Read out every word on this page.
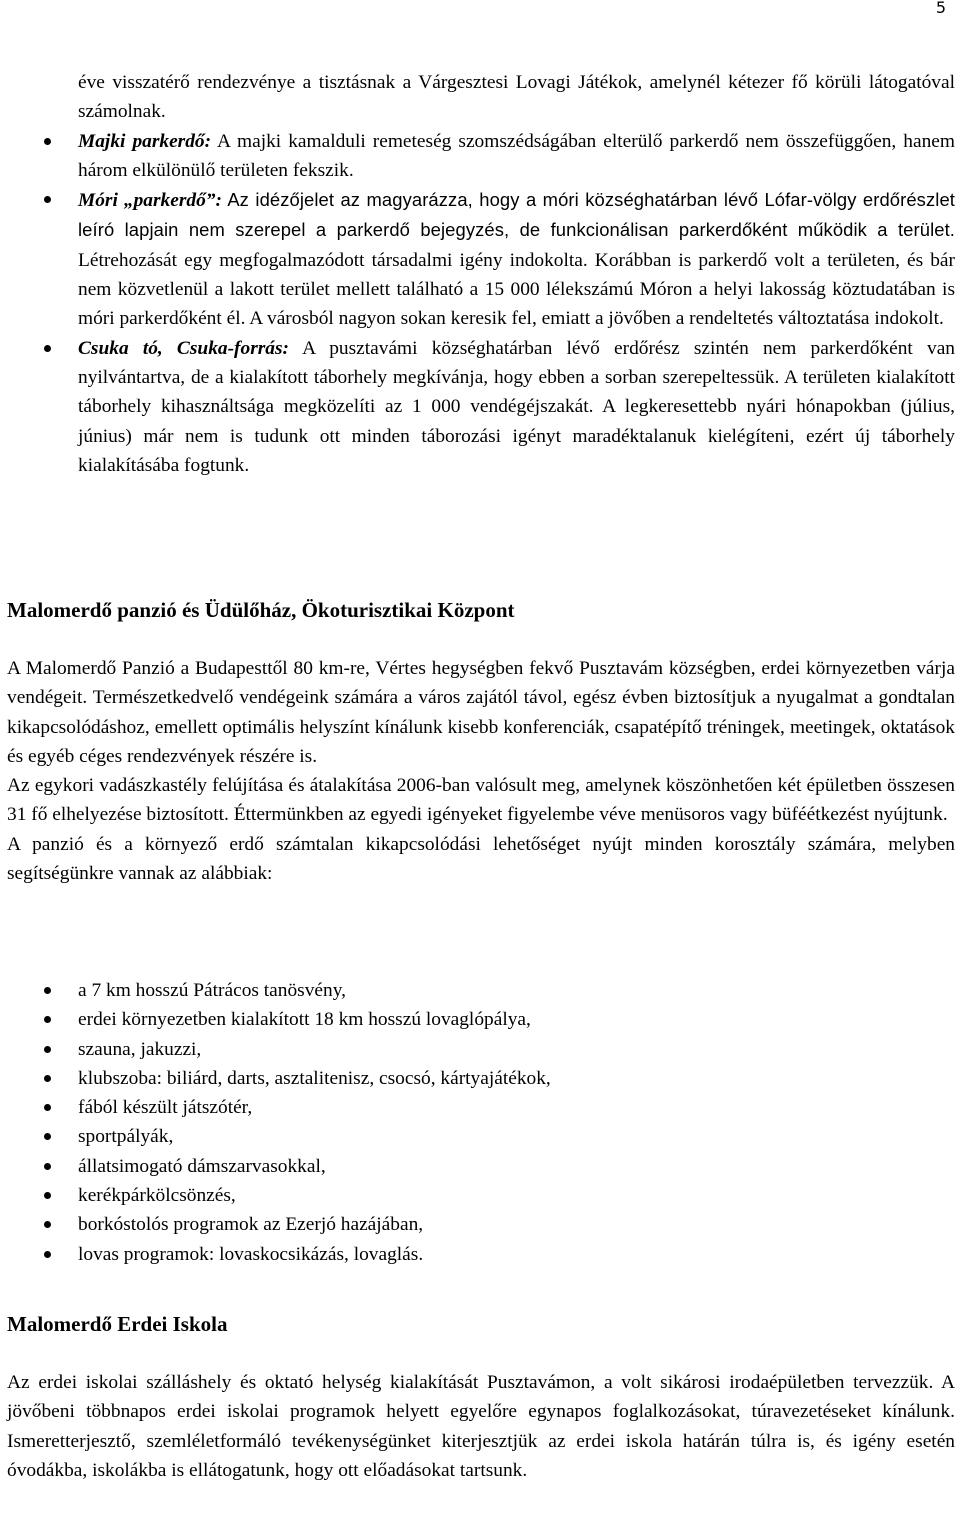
5

éve visszatérő rendezvénye a tisztásnak a Várgesztesi Lovagi Játékok, amelynél kétezer fő körüli látogatóval számolnak.

Majki parkerdő: A majki kamalduli remeteség szomszédságában elterülő parkerdő nem összefüggően, hanem három elkülönülő területen fekszik.
Móri „parkerdő”: Az idézőjelet az magyarázza, hogy a móri községhatárban lévő Lófar-völgy erdőrészlet leíró lapjain nem szerepel a parkerdő bejegyzés, de funkcionálisan parkerdőként működik a terület. Létrehozását egy megfogalmazódott társadalmi igény indokolta. Korábban is parkerdő volt a területen, és bár nem közvetlenül a lakott terület mellett található a 15 000 lélekszámú Móron a helyi lakosság köztudatában is móri parkerdőként él. A városból nagyon sokan keresik fel, emiatt a jövőben a rendeltetés változtatása indokolt.
Csuka tó, Csuka-forrás: A pusztavámi községhatárban lévő erdőrész szintén nem parkerdőként van nyilvántartva, de a kialakított táborhely megkívánja, hogy ebben a sorban szerepeltessük. A területen kialakított táborhely kihasználtsága megközelíti az 1 000 vendégéjszakát. A legkeresettebb nyári hónapokban (július, június) már nem is tudunk ott minden táborozási igényt maradéktalanuk kielégíteni, ezért új táborhely kialakításába fogtunk.
Malomerdő panzió és Üdülőház, Ökoturisztikai Központ

A Malomerdő Panzió a Budapesttől 80 km-re, Vértes hegységben fekvő Pusztavám községben, erdei környezetben várja vendégeit. Természetkedvelő vendégeink számára a város zajától távol, egész évben biztosítjuk a nyugalmat a gondtalan kikapcsolódáshoz, emellett optimális helyszínt kínálunk kisebb konferenciák, csapatépítő tréningek, meetingek, oktatások és egyéb céges rendezvények részére is.

Az egykori vadászkastély felújítása és átalakítása 2006-ban valósult meg, amelynek köszönhetően két épületben összesen 31 fő elhelyezése biztosított. Éttermünkben az egyedi igényeket figyelembe véve menüsoros vagy büféétkezést nyújtunk.

A panzió és a környező erdő számtalan kikapcsolódási lehetőséget nyújt minden korosztály számára, melyben segítségünkre vannak az alábbiak:

a 7 km hosszú Pátrácos tanösvény,
erdei környezetben kialakított 18 km hosszú lovaglópálya,
szauna, jakuzzi,
klubszoba: biliárd, darts, asztalitenisz, csocsó, kártyajátékok,
fából készült játszótér,
sportpályák,
állatsimogató dámszarvasokkal,
kerékpárkölcsönzés,
borkóstolós programok az Ezerjó hazájában,
lovas programok: lovaskocsikázás, lovaglás.
Malomerdő Erdei Iskola

Az erdei iskolai szálláshely és oktató helység kialakítását Pusztavámon, a volt sikárosi irodaépületben tervezzük. A jövőbeni többnapos erdei iskolai programok helyett egyelőre egynapos foglalkozásokat, túravezetéseket kínálunk. Ismeretterjesztő, szemléletformáló tevékenységünket kiterjesztjük az erdei iskola határán túlra is, és igény esetén óvodákba, iskolákba is ellátogatunk, hogy ott előadásokat tartsunk.
